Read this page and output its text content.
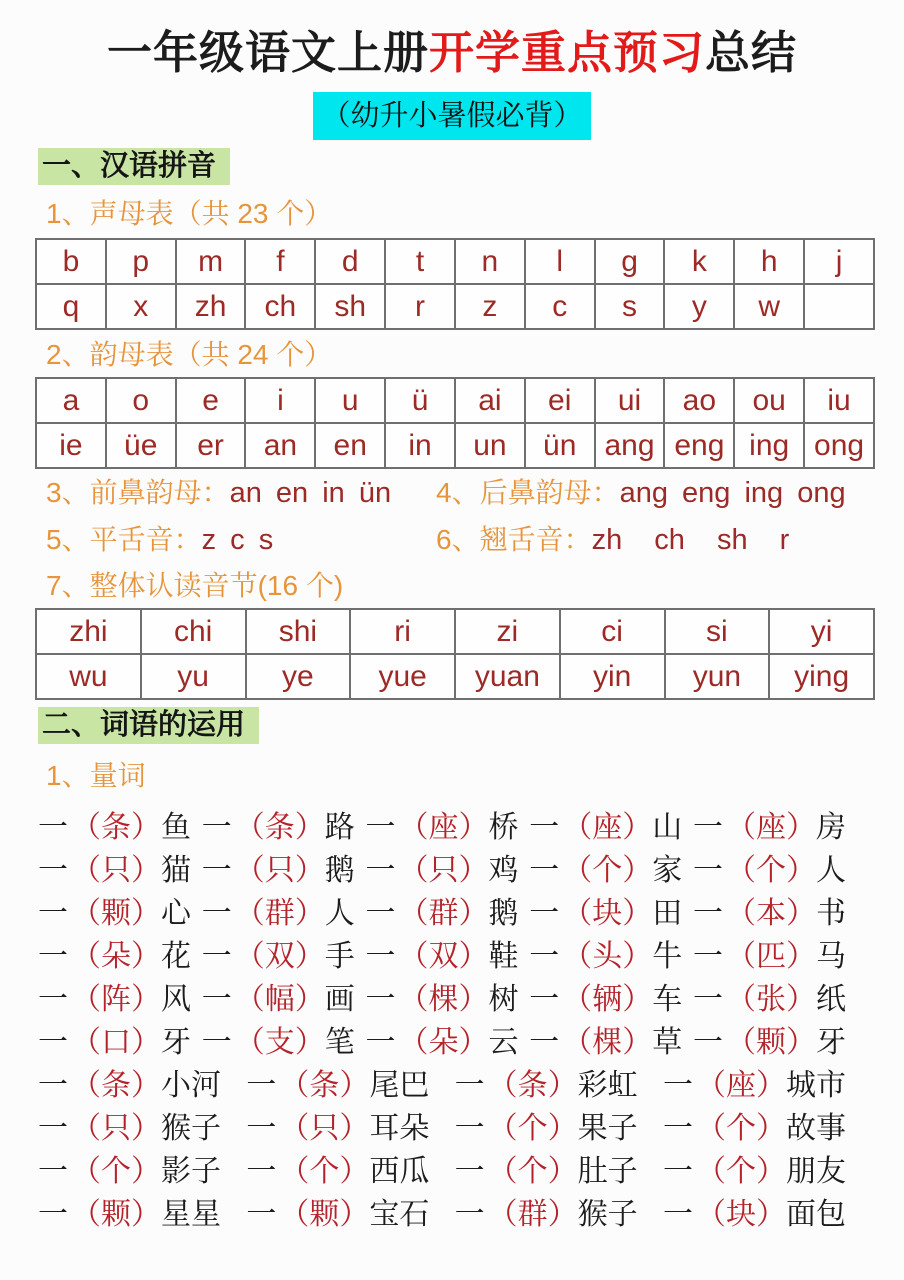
一年级语文上册开学重点预习总结
（幼升小暑假必背）
一、汉语拼音
1、声母表（共 23 个）
b	p	m	f	d	t	n	l	g	k	h	j
q	x	zh	ch	sh	r	z	c	s	y	w	
2、韵母表（共 24 个）
a	o	e	i	u	ü	ai	ei	ui	ao	ou	iu
ie	üe	er	an	en	in	un	ün	ang	eng	ing	ong
3、前鼻韵母：an en in ün	4、后鼻韵母：ang eng ing ong
5、平舌音：z c s	6、翘舌音：zh ch sh r
7、整体认读音节(16 个)
zhi	chi	shi	ri	zi	ci	si	yi
wu	yu	ye	yue	yuan	yin	yun	ying
二、词语的运用
1、量词
一 （条）鱼 一 （条）路 一 （座）桥 一 （座）山 一 （座）房
一 （只）猫 一 （只）鹅 一 （只）鸡 一 （个）家 一 （个）人
一 （颗）心 一 （群）人 一 （群）鹅 一 （块）田 一 （本）书
一 （朵）花 一 （双）手 一 （双）鞋 一 （头）牛 一 （匹）马
一 （阵）风 一 （幅）画 一 （棵）树 一 （辆）车 一 （张）纸
一 （口）牙 一 （支）笔 一 （朵）云 一 （棵）草 一 （颗）牙
一 （条）小河 一 （条）尾巴 一 （条）彩虹 一 （座）城市
一 （只）猴子 一 （只）耳朵 一 （个）果子 一 （个）故事
一 （个）影子 一 （个）西瓜 一 （个）肚子 一 （个）朋友
一 （颗）星星 一 （颗）宝石 一 （群）猴子 一 （块）面包
